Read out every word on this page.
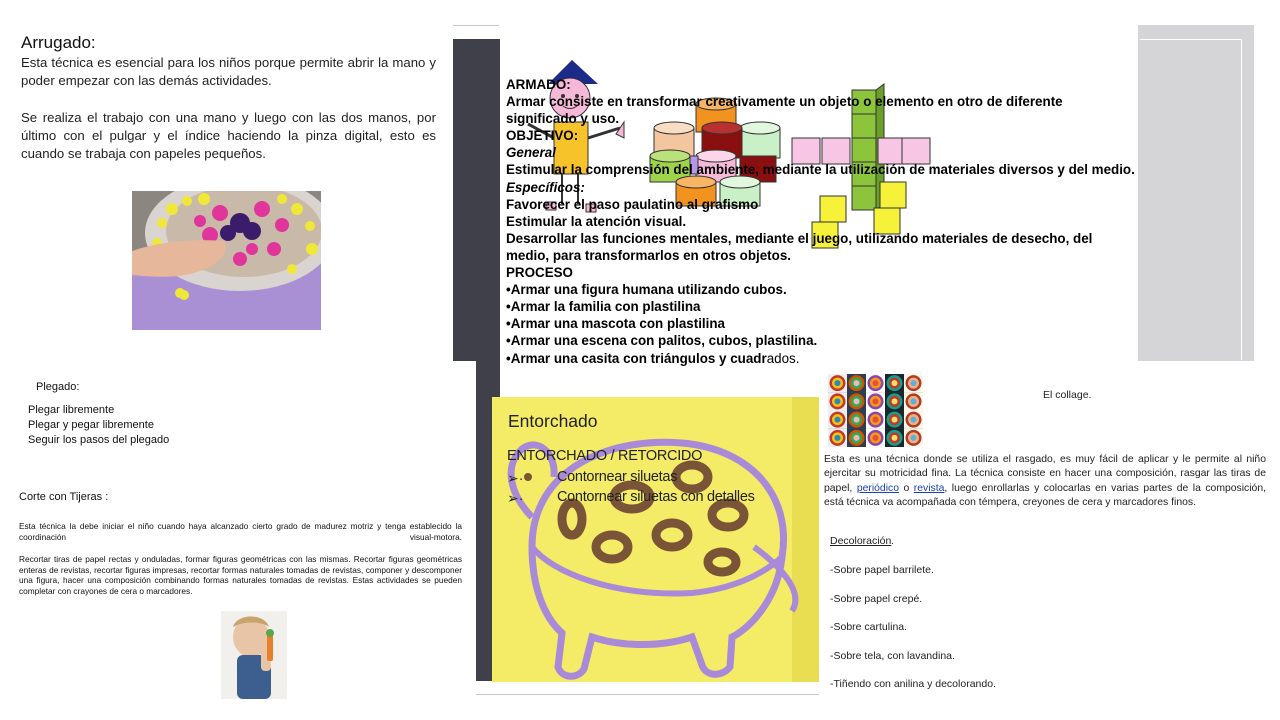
Arrugado:
Esta técnica es esencial para los niños porque permite abrir la mano y poder empezar con las demás actividades.
Se realiza el trabajo con una mano y luego con las dos manos, por último con el pulgar y el índice haciendo la pinza digital, esto es cuando se trabaja con papeles pequeños.
Plegado:
Plegar libremente
Plegar y pegar libremente
Seguir los pasos del plegado
Corte con Tijeras :
Esta técnica la debe iniciar el niño cuando haya alcanzado cierto grado de madurez motriz y tenga establecido la coordinación visual-motora.
Recortar tiras de papel rectas y onduladas, formar figuras geométricas con las mismas. Recortar figuras geométricas enteras de revistas, recortar figuras impresas, recortar formas naturales tomadas de revistas, componer y descomponer una figura, hacer una composición combinando formas naturales tomadas de revistas. Estas actividades se pueden completar con crayones de cera o marcadores.
ARMADO:
Armar consiste en transformar creativamente un objeto o elemento en otro de diferente significado y uso.
OBJETIVO:
General
Estimular la comprensión del ambiente, mediante la utilización de materiales diversos y del medio.
Específicos:
Favorecer el paso paulatino al grafismo
Estimular la atención visual.
Desarrollar las funciones mentales, mediante el juego, utilizando materiales de desecho, del medio, para transformarlos en otros objetos.
PROCESO
•Armar una figura humana utilizando cubos.
•Armar la familia con plastilina
•Armar una mascota con plastilina
•Armar una escena con palitos, cubos, plastilina.
•Armar una casita con triángulos y cuadrados.
Entorchado
ENTORCHADO / RETORCIDO
➢· Contornear siluetas
➢· Contornear siluetas con detalles
El collage.
Esta es una técnica donde se utiliza el rasgado, es muy fácil de aplicar y le permite al niño ejercitar su motricidad fina. La técnica consiste en hacer una composición, rasgar las tiras de papel, periódico o revista, luego enrollarlas y colocarlas en varias partes de la composición, está técnica va acompañada con témpera, creyones de cera y marcadores finos.
Decoloración .
-Sobre papel barrilete.
-Sobre papel crepé.
-Sobre cartulina.
-Sobre tela, con lavandina.
-Tiñendo con anilina y decolorando.
